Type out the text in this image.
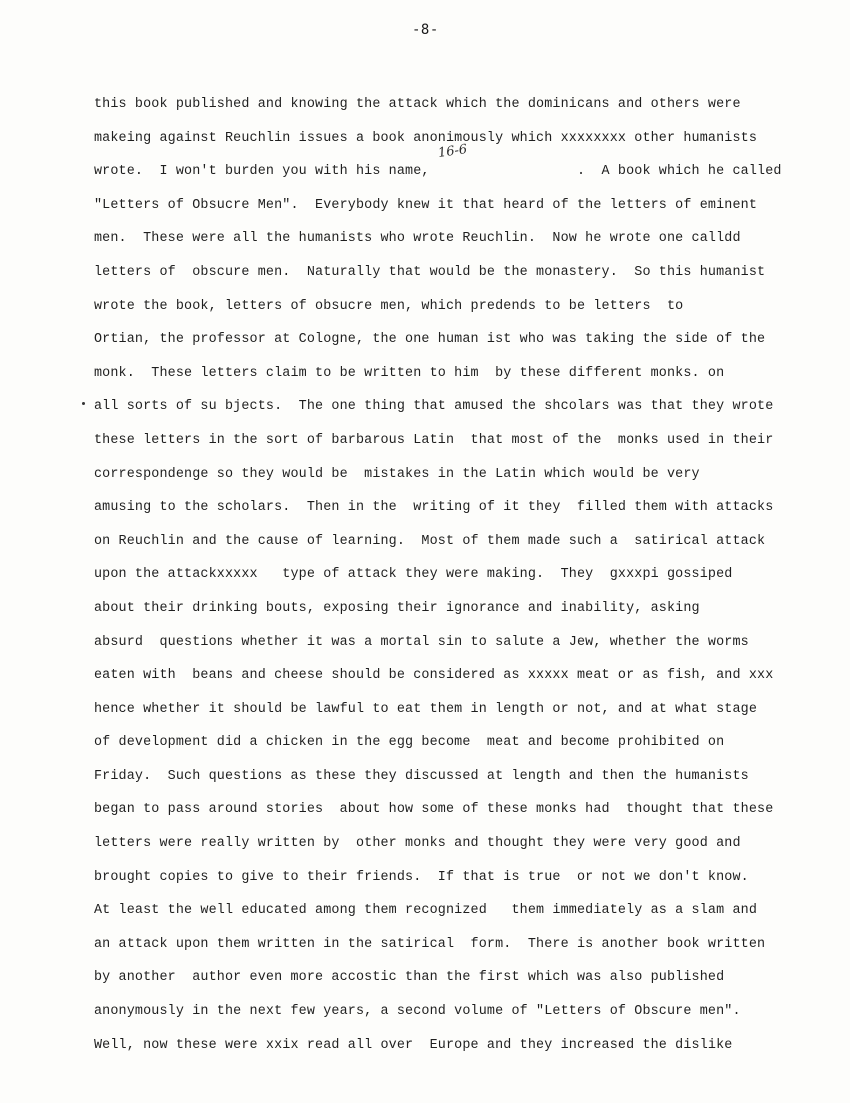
-8-
16-6
this book published and knowing the attack which the dominicans and others were
makeing against Reuchlin issues a book anonimously which xxxxxxxx other humanists
wrote.  I won't burden you with his name,                  .  A book which he called
"Letters of Obsucre Men".  Everybody knew it that heard of the letters of eminent
men.  These were all the humanists who wrote Reuchlin.  Now he wrote one calldd
letters of  obscure men.  Naturally that would be the monastery.  So this humanist
wrote the book, letters of obsucre men, which predends to be letters  to
Ortian, the professor at Cologne, the one human ist who was taking the side of the
monk.  These letters claim to be written to him  by these different monks. on
all sorts of su bjects.  The one thing that amused the shcolars was that they wrote
these letters in the sort of barbarous Latin  that most of the  monks used in their
correspondenge so they would be  mistakes in the Latin which would be very
amusing to the scholars.  Then in the  writing of it they  filled them with attacks
on Reuchlin and the cause of learning.  Most of them made such a  satirical attack
upon the attackxxxxx   type of attack they were making.  They  gxxxpi gossiped
about their drinking bouts, exposing their ignorance and inability, asking
absurd  questions whether it was a mortal sin to salute a Jew, whether the worms
eaten with  beans and cheese should be considered as xxxxx meat or as fish, and xxx
hence whether it should be lawful to eat them in length or not, and at what stage
of development did a chicken in the egg become  meat and become prohibited on
Friday.  Such questions as these they discussed at length and then the humanists
began to pass around stories  about how some of these monks had  thought that these
letters were really written by  other monks and thought they were very good and
brought copies to give to their friends.  If that is true  or not we don't know.
At least the well educated among them recognized   them immediately as a slam and
an attack upon them written in the satirical  form.  There is another book written
by another  author even more accostic than the first which was also published
anonymously in the next few years, a second volume of "Letters of Obscure men".
Well, now these were xxix read all over  Europe and they increased the dislike
